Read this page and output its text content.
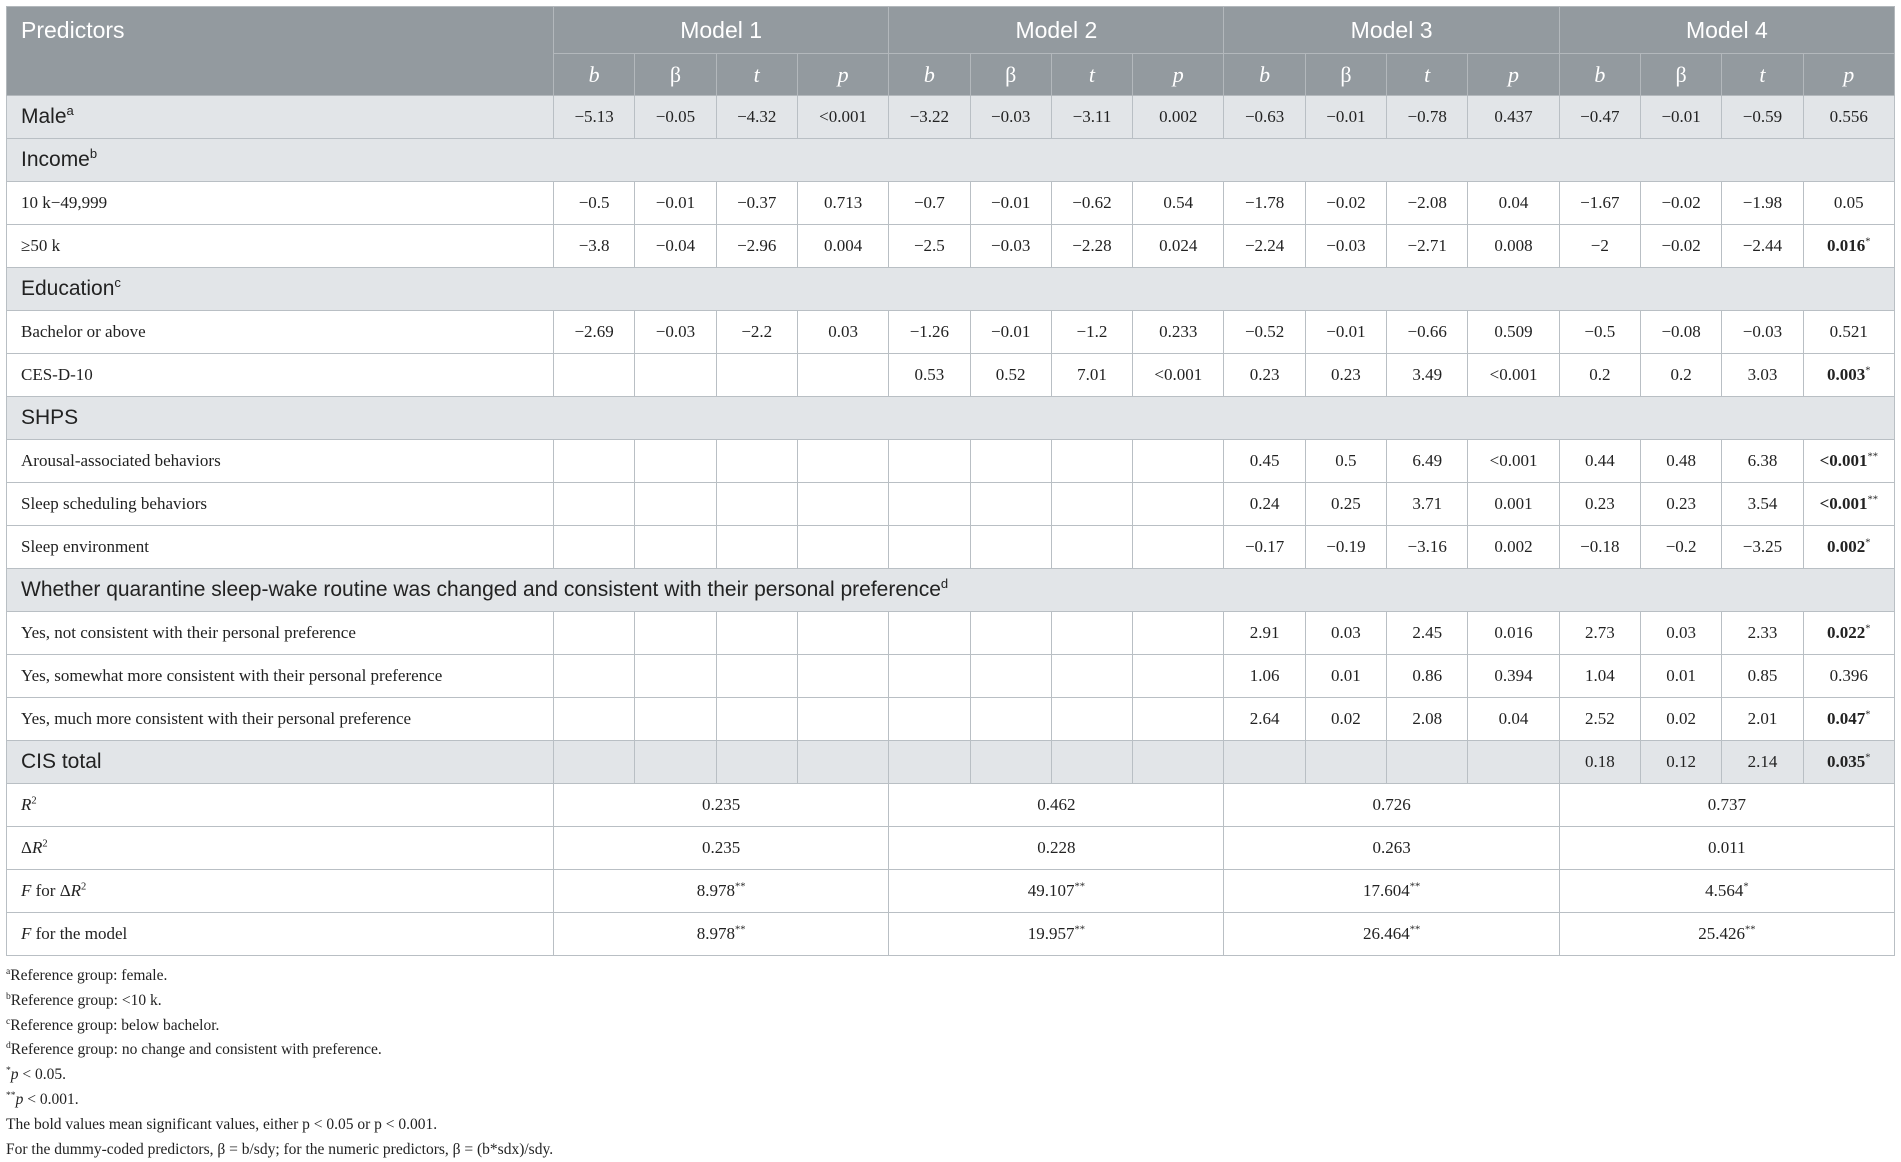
Predictors	Model 1				Model 2				Model 3				Model 4			
	b	β	t	p	b	β	t	p	b	β	t	p	b	β	t	p
Male$^a$	−5.13	−0.05	−4.32	<0.001	−3.22	−0.03	−3.11	0.002	−0.63	−0.01	−0.78	0.437	−0.47	−0.01	−0.59	0.556
Income$^b$
10 k−49,999	−0.5	−0.01	−0.37	0.713	−0.7	−0.01	−0.62	0.54	−1.78	−0.02	−2.08	0.04	−1.67	−0.02	−1.98	0.05
≥50 k	−3.8	−0.04	−2.96	0.004	−2.5	−0.03	−2.28	0.024	−2.24	−0.03	−2.71	0.008	−2	−0.02	−2.44	0.016*
Education$^c$
Bachelor or above	−2.69	−0.03	−2.2	0.03	−1.26	−0.01	−1.2	0.233	−0.52	−0.01	−0.66	0.509	−0.5	−0.08	−0.03	0.521
CES-D-10					0.53	0.52	7.01	<0.001	0.23	0.23	3.49	<0.001	0.2	0.2	3.03	0.003*
SHPS																
Arousal-associated behaviors									0.45	0.5	6.49	<0.001	0.44	0.48	6.38	<0.001**
Sleep scheduling behaviors									0.24	0.25	3.71	0.001	0.23	0.23	3.54	<0.001**
Sleep environment									−0.17	−0.19	−3.16	0.002	−0.18	−0.2	−3.25	0.002*
Whether quarantine sleep-wake routine was changed and consistent with their personal preference$^d$
Yes, not consistent with their personal preference									2.91	0.03	2.45	0.016	2.73	0.03	2.33	0.022*
Yes, somewhat more consistent with their personal preference									1.06	0.01	0.86	0.394	1.04	0.01	0.85	0.396
Yes, much more consistent with their personal preference									2.64	0.02	2.08	0.04	2.52	0.02	2.01	0.047*
CIS total													0.18	0.12	2.14	0.035*
$R^2$	0.235				0.462				0.726				0.737			
$\Delta R^2$	0.235				0.228				0.263				0.011			
F for $\Delta R^2$	8.978**				49.107**				17.604**				4.564*
F for the model	8.978**				19.957**				26.464**				25.426**
$^a$Reference group: female.
$^b$Reference group: <10 k.
$^c$Reference group: below bachelor.
$^d$Reference group: no change and consistent with preference.
*p < 0.05.
**p < 0.001.
The bold values mean significant values, either p < 0.05 or p < 0.001.
For the dummy-coded predictors, β = b/sdy; for the numeric predictors, β = (b*sdx)/sdy.
